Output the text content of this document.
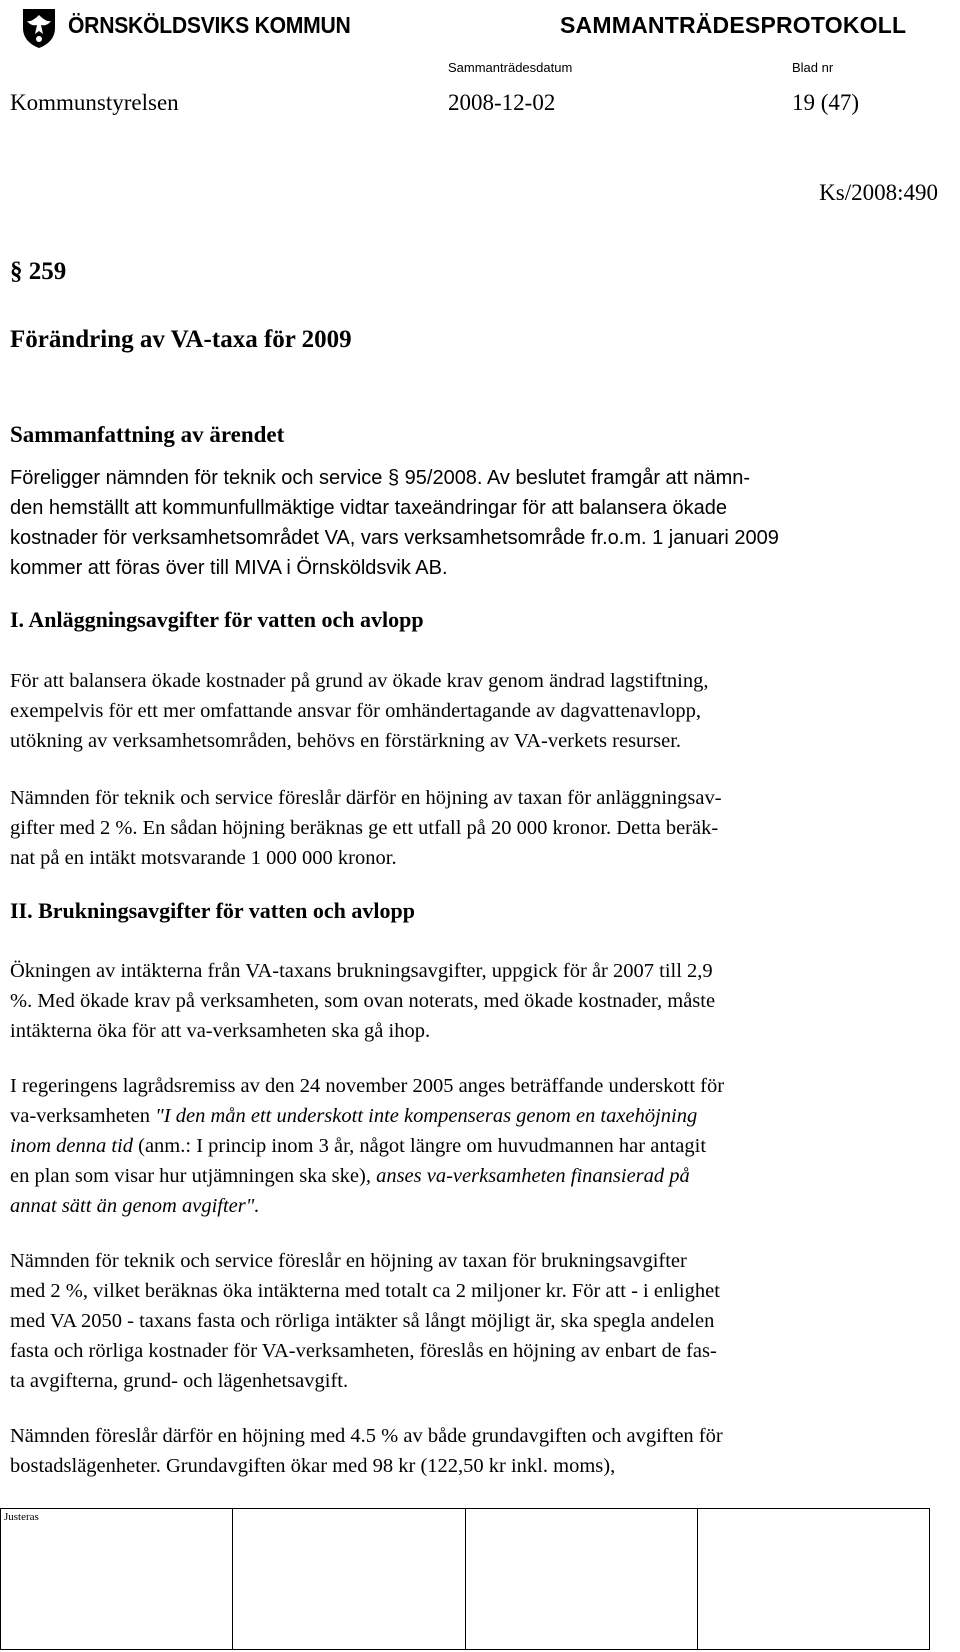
ÖRNSKÖLDSVIKS KOMMUN	SAMMANTRÄDESPROTOKOLL
Sammanträdesdatum	Blad nr
Kommunstyrelsen	2008-12-02	19 (47)
Ks/2008:490
§ 259
Förändring av VA-taxa för 2009
Sammanfattning av ärendet
Föreligger nämnden för teknik och service § 95/2008. Av beslutet framgår att nämn-
den hemställt att kommunfullmäktige vidtar taxeändringar för att balansera ökade
kostnader för verksamhetsområdet VA, vars verksamhetsområde fr.o.m. 1 januari 2009
kommer att föras över till MIVA i Örnsköldsvik AB.
I. Anläggningsavgifter för vatten och avlopp
För att balansera ökade kostnader på grund av ökade krav genom ändrad lagstiftning,
exempelvis för ett mer omfattande ansvar för omhändertagande av dagvattenavlopp,
utökning av verksamhetsområden, behövs en förstärkning av VA-verkets resurser.
Nämnden för teknik och service föreslår därför en höjning av taxan för anläggningsav-
gifter med 2 %. En sådan höjning beräknas ge ett utfall på 20 000 kronor. Detta beräk-
nat på en intäkt motsvarande 1 000 000 kronor.
II. Brukningsavgifter för vatten och avlopp
Ökningen av intäkterna från VA-taxans brukningsavgifter, uppgick för år 2007 till 2,9
%. Med ökade krav på verksamheten, som ovan noterats, med ökade kostnader, måste
intäkterna öka för att va-verksamheten ska gå ihop.
I regeringens lagrådsremiss av den 24 november 2005 anges beträffande underskott för
va-verksamheten "I den mån ett underskott inte kompenseras genom en taxehöjning
inom denna tid (anm.: I princip inom 3 år, något längre om huvudmannen har antagit
en plan som visar hur utjämningen ska ske), anses va-verksamheten finansierad på
annat sätt än genom avgifter".
Nämnden för teknik och service föreslår en höjning av taxan för brukningsavgifter
med 2 %, vilket beräknas öka intäkterna med totalt ca 2 miljoner kr. För att - i enlighet
med VA 2050 - taxans fasta och rörliga intäkter så långt möjligt är, ska spegla andelen
fasta och rörliga kostnader för VA-verksamheten, föreslås en höjning av enbart de fas-
ta avgifterna, grund- och lägenhetsavgift.
Nämnden föreslår därför en höjning med 4.5 % av både grundavgiften och avgiften för
bostadslägenheter. Grundavgiften ökar med 98 kr (122,50 kr inkl. moms),

Justeras
